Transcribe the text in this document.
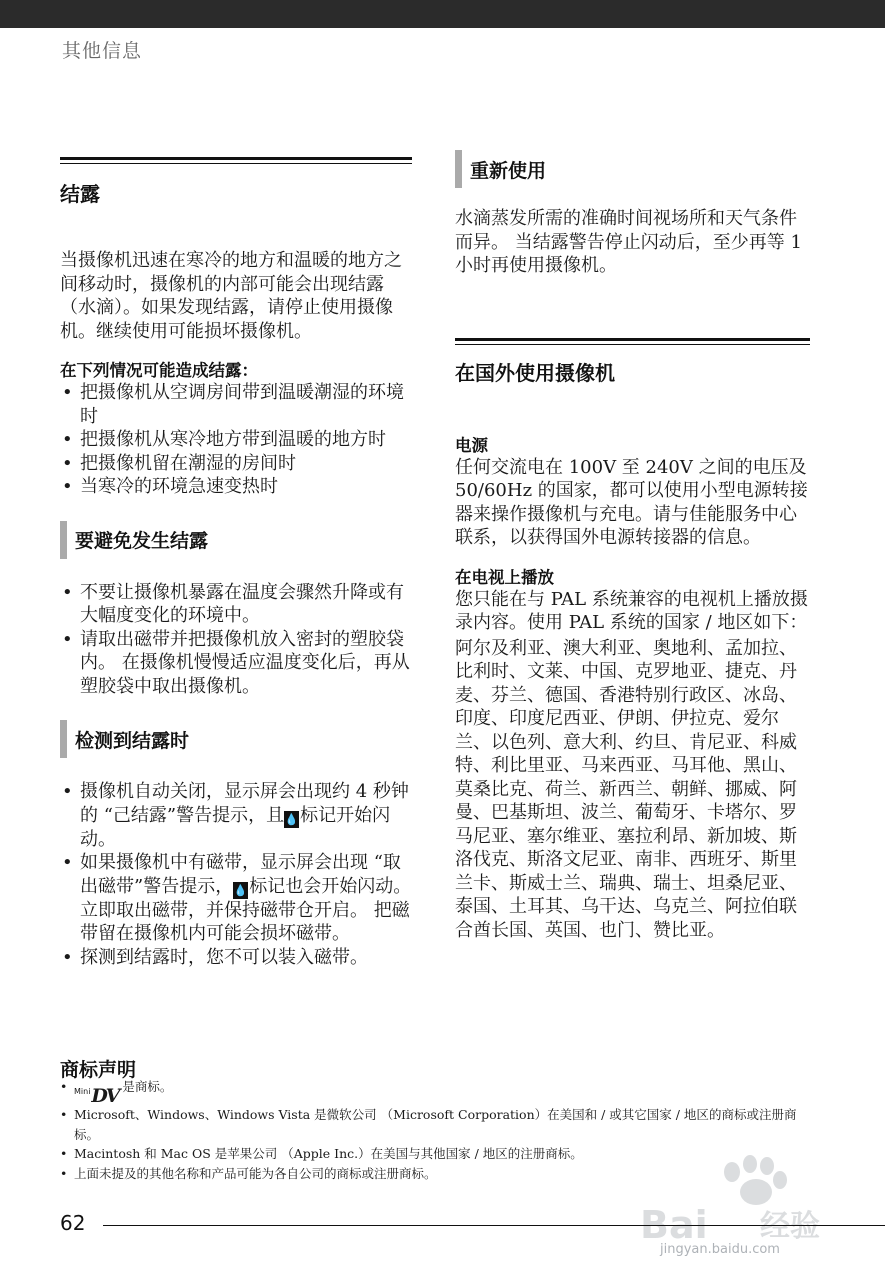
其他信息
结露

当摄像机迅速在寒冷的地方和温暖的地方之间移动时，摄像机的内部可能会出现结露 （水滴）。如果发现结露，请停止使用摄像机。继续使用可能损坏摄像机。

在下列情况可能造成结露：
• 把摄像机从空调房间带到温暖潮湿的环境时
• 把摄像机从寒冷地方带到温暖的地方时
• 把摄像机留在潮湿的房间时
• 当寒冷的环境急速变热时
要避免发生结露
• 不要让摄像机暴露在温度会骤然升降或有大幅度变化的环境中。
• 请取出磁带并把摄像机放入密封的塑胶袋内。 在摄像机慢慢适应温度变化后，再从塑胶袋中取出摄像机。
检测到结露时
• 摄像机自动关闭，显示屏会出现约 4 秒钟的 “己结露”警告提示，且💧标记开始闪动。
• 如果摄像机中有磁带，显示屏会出现 “取出磁带”警告提示，💧标记也会开始闪动。立即取出磁带，并保持磁带仓开启。 把磁带留在摄像机内可能会损坏磁带。
• 探测到结露时，您不可以装入磁带。
重新使用

水滴蒸发所需的准确时间视场所和天气条件而异。 当结露警告停止闪动后，至少再等 1 小时再使用摄像机。

在国外使用摄像机
电源

任何交流电在 100V 至 240V 之间的电压及 50/60Hz 的国家，都可以使用小型电源转接器来操作摄像机与充电。请与佳能服务中心联系，以获得国外电源转接器的信息。

在电视上播放

您只能在与 PAL 系统兼容的电视机上播放摄录内容。使用 PAL 系统的国家 / 地区如下：

阿尔及利亚、澳大利亚、奥地利、孟加拉、比利时、文莱、中国、克罗地亚、捷克、丹麦、芬兰、德国、香港特别行政区、冰岛、印度、印度尼西亚、伊朗、伊拉克、爱尔兰、以色列、意大利、约旦、肯尼亚、科威特、利比里亚、马来西亚、马耳他、黑山、莫桑比克、荷兰、新西兰、朝鲜、挪威、阿曼、巴基斯坦、波兰、葡萄牙、卡塔尔、罗马尼亚、塞尔维亚、塞拉利昂、新加坡、斯洛伐克、斯洛文尼亚、南非、西班牙、斯里兰卡、斯威士兰、瑞典、瑞士、坦桑尼亚、泰国、土耳其、乌干达、乌克兰、阿拉伯联合酋长国、英国、也门、赞比亚。

商标声明
• Mini DV 是商标。
• Microsoft、Windows、Windows Vista 是微软公司 （Microsoft Corporation）在美国和 / 或其它国家 / 地区的商标或注册商标。
• Macintosh 和 Mac OS 是苹果公司 （Apple Inc.）在美国与其他国家 / 地区的注册商标。
• 上面未提及的其他名称和产品可能为各自公司的商标或注册商标。
Bai 经验
jingyan.baidu.com
62
